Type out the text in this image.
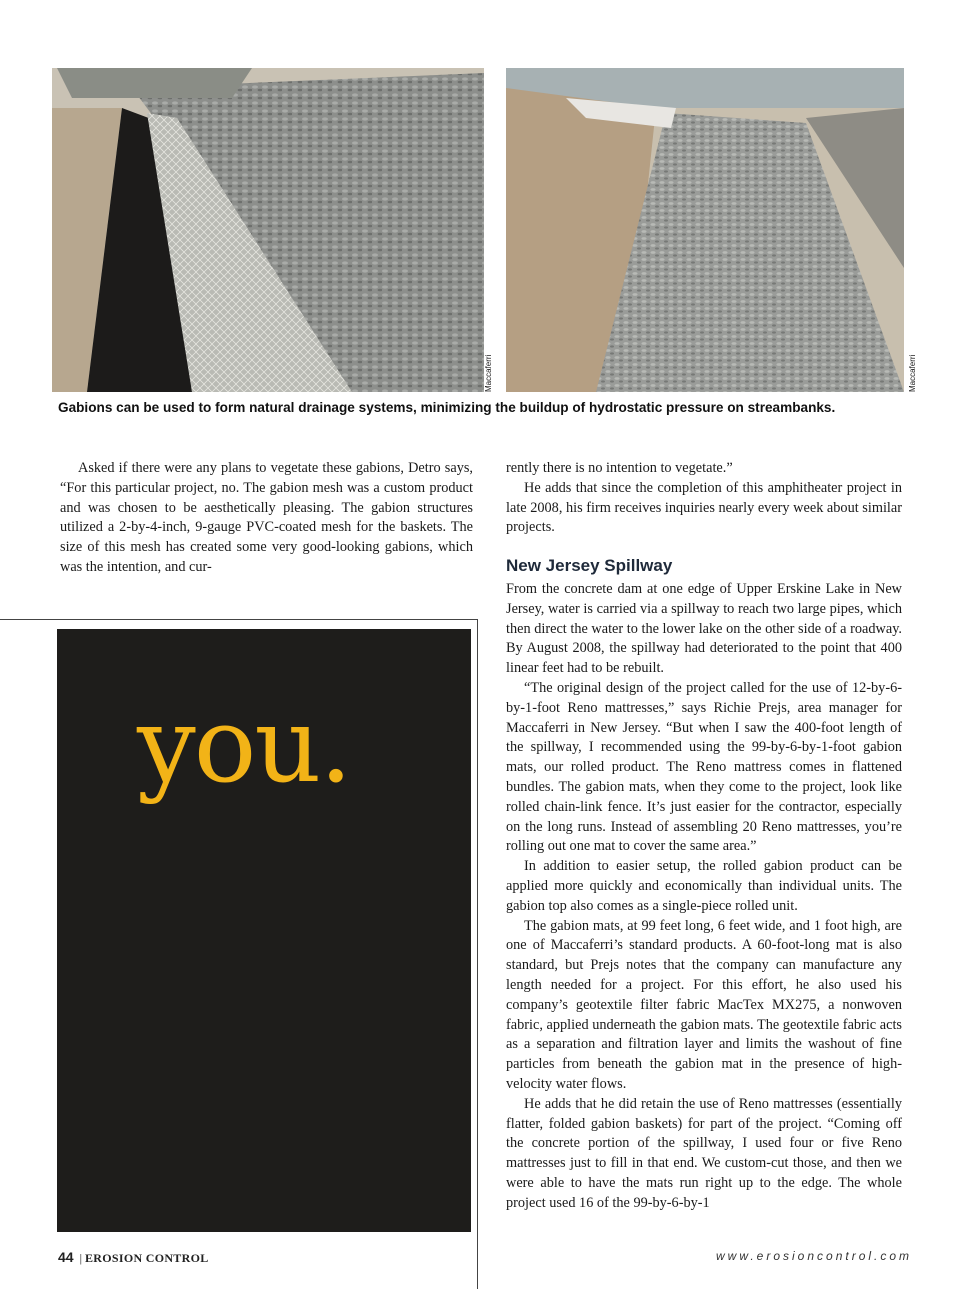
Maccaferri	Maccaferri
Gabions can be used to form natural drainage systems, minimizing the buildup of hydrostatic pressure on streambanks.

Asked if there were any plans to vegetate these gabions, Detro says, “For this particular project, no. The gabion mesh was a custom product and was chosen to be aesthetically pleasing. The gabion structures utilized a 2-by-4-inch, 9-gauge PVC-coated mesh for the baskets. The size of this mesh has created some very good-looking gabions, which was the intention, and cur-

you.

rently there is no intention to vegetate.”

He adds that since the completion of this amphitheater project in late 2008, his firm receives inquiries nearly every week about similar projects.

New Jersey Spillway

From the concrete dam at one edge of Upper Erskine Lake in New Jersey, water is carried via a spillway to reach two large pipes, which then direct the water to the lower lake on the other side of a roadway. By August 2008, the spillway had deteriorated to the point that 400 linear feet had to be rebuilt.

“The original design of the project called for the use of 12-by-6-by-1-foot Reno mattresses,” says Richie Prejs, area manager for Maccaferri in New Jersey. “But when I saw the 400-foot length of the spillway, I recommended using the 99-by-6-by-1-foot gabion mats, our rolled product. The Reno mattress comes in flattened bundles. The gabion mats, when they come to the project, look like rolled chain-link fence. It’s just easier for the contractor, especially on the long runs. Instead of assembling 20 Reno mattresses, you’re rolling out one mat to cover the same area.”

In addition to easier setup, the rolled gabion product can be applied more quickly and economically than individual units. The gabion top also comes as a single-piece rolled unit.

The gabion mats, at 99 feet long, 6 feet wide, and 1 foot high, are one of Maccaferri’s standard products. A 60-foot-long mat is also standard, but Prejs notes that the company can manufacture any length needed for a project. For this effort, he also used his company’s geotextile filter fabric MacTex MX275, a nonwoven fabric, applied underneath the gabion mats. The geotextile fabric acts as a separation and filtration layer and limits the washout of fine particles from beneath the gabion mat in the presence of high-velocity water flows.

He adds that he did retain the use of Reno mattresses (essentially flatter, folded gabion baskets) for part of the project. “Coming off the concrete portion of the spillway, I used four or five Reno mattresses just to fill in that end. We custom-cut those, and then we were able to have the mats run right up to the edge. The whole project used 16 of the 99-by-6-by-1

44 | EROSION CONTROL	www.erosioncontrol.com
